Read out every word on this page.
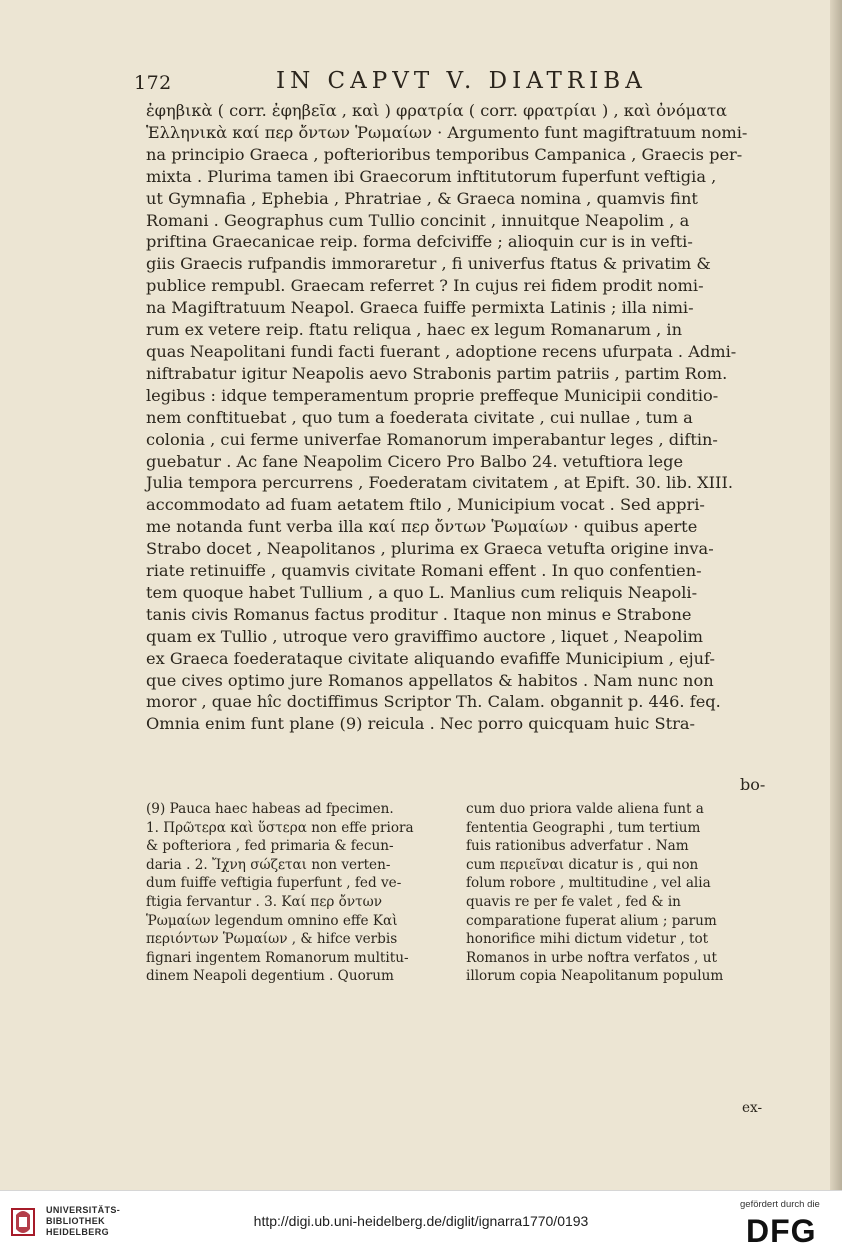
172	IN CAPVT V. DIATRIBA

ἐφηβικὰ ( corr. ἐφηβεῖα , καὶ ) φρατρία ( corr. φρατρίαι ) , καὶ ὀνόματα

Ἑλληνικὰ καί περ ὄντων Ῥωμαίων · Argumento funt magiftratuum nomi-

na principio Graeca , pofterioribus temporibus Campanica , Graecis per-

mixta . Plurima tamen ibi Graecorum inftitutorum fuperfunt veftigia ,

ut Gymnafia , Ephebia , Phratriae , & Graeca nomina , quamvis fint

Romani . Geographus cum Tullio concinit , innuitque Neapolim , a

priftina Graecanicae reip. forma defciviffe ; alioquin cur is in vefti-

giis Graecis rufpandis immoraretur , fi univerfus ftatus & privatim &

publice rempubl. Graecam referret ? In cujus rei fidem prodit nomi-

na Magiftratuum Neapol. Graeca fuiffe permixta Latinis ; illa nimi-

rum ex vetere reip. ftatu reliqua , haec ex legum Romanarum , in

quas Neapolitani fundi facti fuerant , adoptione recens ufurpata . Admi-

niftrabatur igitur Neapolis aevo Strabonis partim patriis , partim Rom.

legibus : idque temperamentum proprie preffeque Municipii conditio-

nem conftituebat , quo tum a foederata civitate , cui nullae , tum a

colonia , cui ferme univerfae Romanorum imperabantur leges , diftin-

guebatur . Ac fane Neapolim Cicero Pro Balbo 24. vetuftiora lege

Julia tempora percurrens , Foederatam civitatem , at Epift. 30. lib. XIII.

accommodato ad fuam aetatem ftilo , Municipium vocat . Sed appri-

me notanda funt verba illa καί περ ὄντων Ῥωμαίων · quibus aperte

Strabo docet , Neapolitanos , plurima ex Graeca vetufta origine inva-

riate retinuiffe , quamvis civitate Romani effent . In quo confentien-

tem quoque habet Tullium , a quo L. Manlius cum reliquis Neapoli-

tanis civis Romanus factus proditur . Itaque non minus e Strabone

quam ex Tullio , utroque vero graviffimo auctore , liquet , Neapolim

ex Graeca foederataque civitate aliquando evafiffe Municipium , ejuf-

que cives optimo jure Romanos appellatos & habitos . Nam nunc non

moror , quae hîc doctiffimus Scriptor Th. Calam. obgannit p. 446. feq.

Omnia enim funt plane (9) reicula . Nec porro quicquam huic Stra-

bo-

(9) Pauca haec habeas ad fpecimen.

1. Πρῶτερα καὶ ὕστερα non effe priora

& pofteriora , fed primaria & fecun-

daria . 2. Ἴχνη σώζεται non verten-

dum fuiffe veftigia fuperfunt , fed ve-

ftigia fervantur . 3. Καί περ ὄντων

Ῥωμαίων legendum omnino effe Καὶ

περιόντων Ῥωμαίων , & hifce verbis

fignari ingentem Romanorum multitu-

dinem Neapoli degentium . Quorum

cum duo priora valde aliena funt a

fententia Geographi , tum tertium

fuis rationibus adverfatur . Nam

cum περιεῖναι dicatur is , qui non

folum robore , multitudine , vel alia

quavis re per fe valet , fed & in

comparatione fuperat alium ; parum

honorifice mihi dictum videtur , tot

Romanos in urbe noftra verfatos , ut

illorum copia Neapolitanum populum

ex-
UNIVERSITÄTS-
BIBLIOTHEK
HEIDELBERG
http://digi.ub.uni-heidelberg.de/diglit/ignarra1770/0193
gefördert durch die
DFG
